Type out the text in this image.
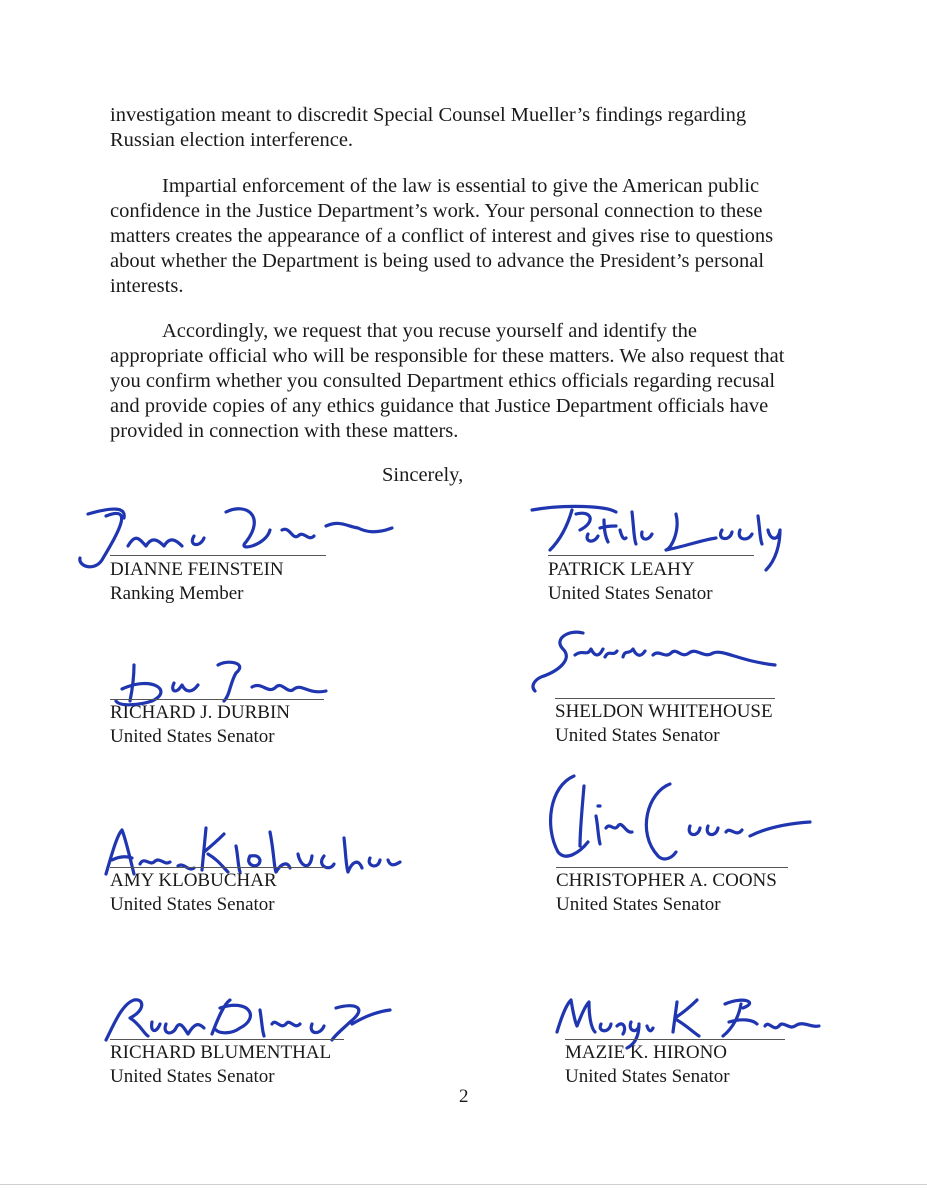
investigation meant to discredit Special Counsel Mueller’s findings regarding
Russian election interference.

Impartial enforcement of the law is essential to give the American public
confidence in the Justice Department’s work. Your personal connection to these
matters creates the appearance of a conflict of interest and gives rise to questions
about whether the Department is being used to advance the President’s personal
interests.

Accordingly, we request that you recuse yourself and identify the
appropriate official who will be responsible for these matters. We also request that
you confirm whether you consulted Department ethics officials regarding recusal
and provide copies of any ethics guidance that Justice Department officials have
provided in connection with these matters.

Sincerely,

DIANNE FEINSTEIN
Ranking Member
RICHARD J. DURBIN
United States Senator
AMY KLOBUCHAR
United States Senator
RICHARD BLUMENTHAL
United States Senator
PATRICK LEAHY
United States Senator
SHELDON WHITEHOUSE
United States Senator
CHRISTOPHER A. COONS
United States Senator
MAZIE K. HIRONO
United States Senator
2
